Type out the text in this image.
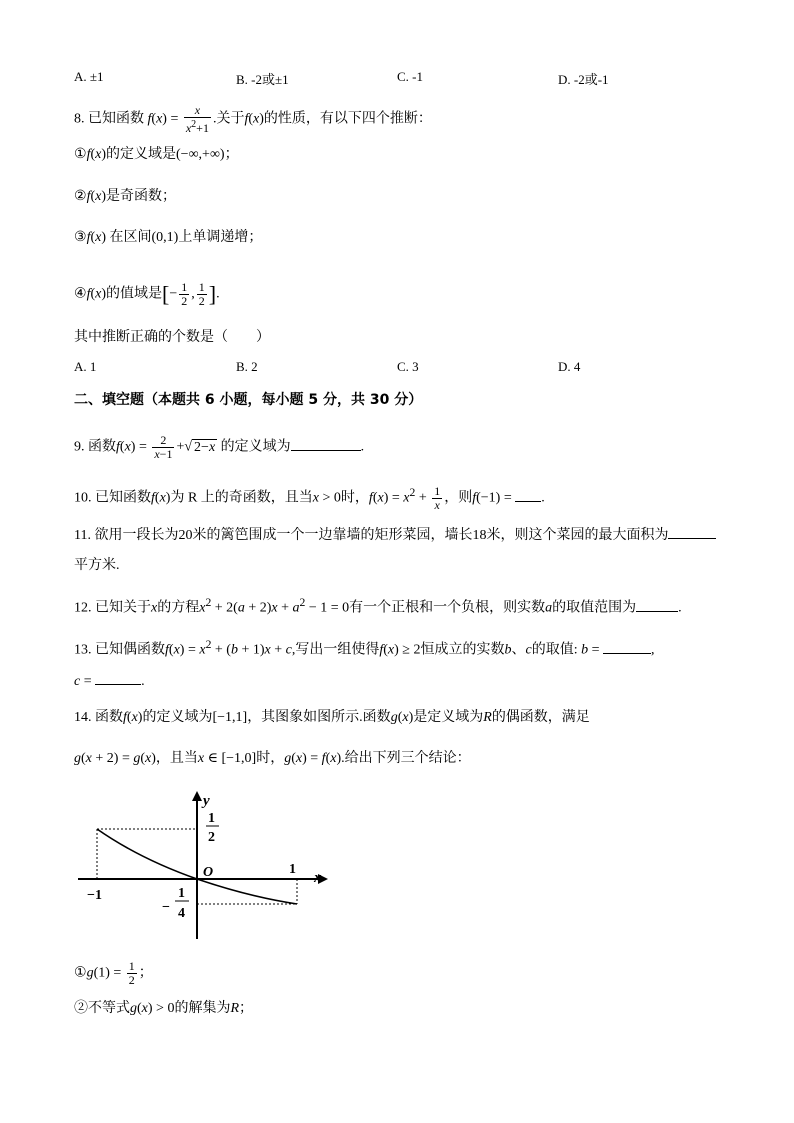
A. ±1	B. -2或±1	C. -1	D. -2或-1
8. 已知函数 $f(x) = \frac{x}{x^2+1}$ .关于f(x)的性质，有以下四个推断：
①f(x)的定义域是(−∞,+∞)；
②f(x)是奇函数；
③f(x) 在区间(0,1)上单调递增；
④f(x)的值域是[− $\frac{1}{2}$ , $\frac{1}{2}$ ].
其中推断正确的个数是（　　）
A. 1	B. 2	C. 3	D. 4
二、填空题（本题共 6 小题，每小题 5 分，共 30 分）
9. 函数$f(x) = \frac{2}{x-1}$ +√ 2−x 的定义域为	.
10. 已知函数f(x)为 R 上的奇函数，且当x > 0时，$f(x) = x^2 + \frac{1}{x}$ ，则f(−1) = .
11. 欲用一段长为20米的篱笆围成一个一边靠墙的矩形菜园，墙长18米，则这个菜园的最大面积为
平方米.
12. 已知关于x的方程$x^2 + 2(a + 2)x + a^2 - 1 = 0$有一个正根和一个负根，则实数a的取值范围为	.
13. 已知偶函数$f(x) = x^2 + (b + 1)x + c$,写出一组使得f(x) ≥ 2恒成立的实数b、c的取值: b =	,
c =	.
14. 函数f(x)的定义域为[−1,1]，其图象如图所示.函数g(x)是定义域为R的偶函数，满足
g(x + 2) = g(x)，且当x ∈ [−1,0]时，g(x) = f(x).给出下列三个结论：
y
x
O
1
2
1
−1
−
1
4
①g(1) = $\frac{1}{2}$ ；
②不等式g(x) > 0的解集为R；
